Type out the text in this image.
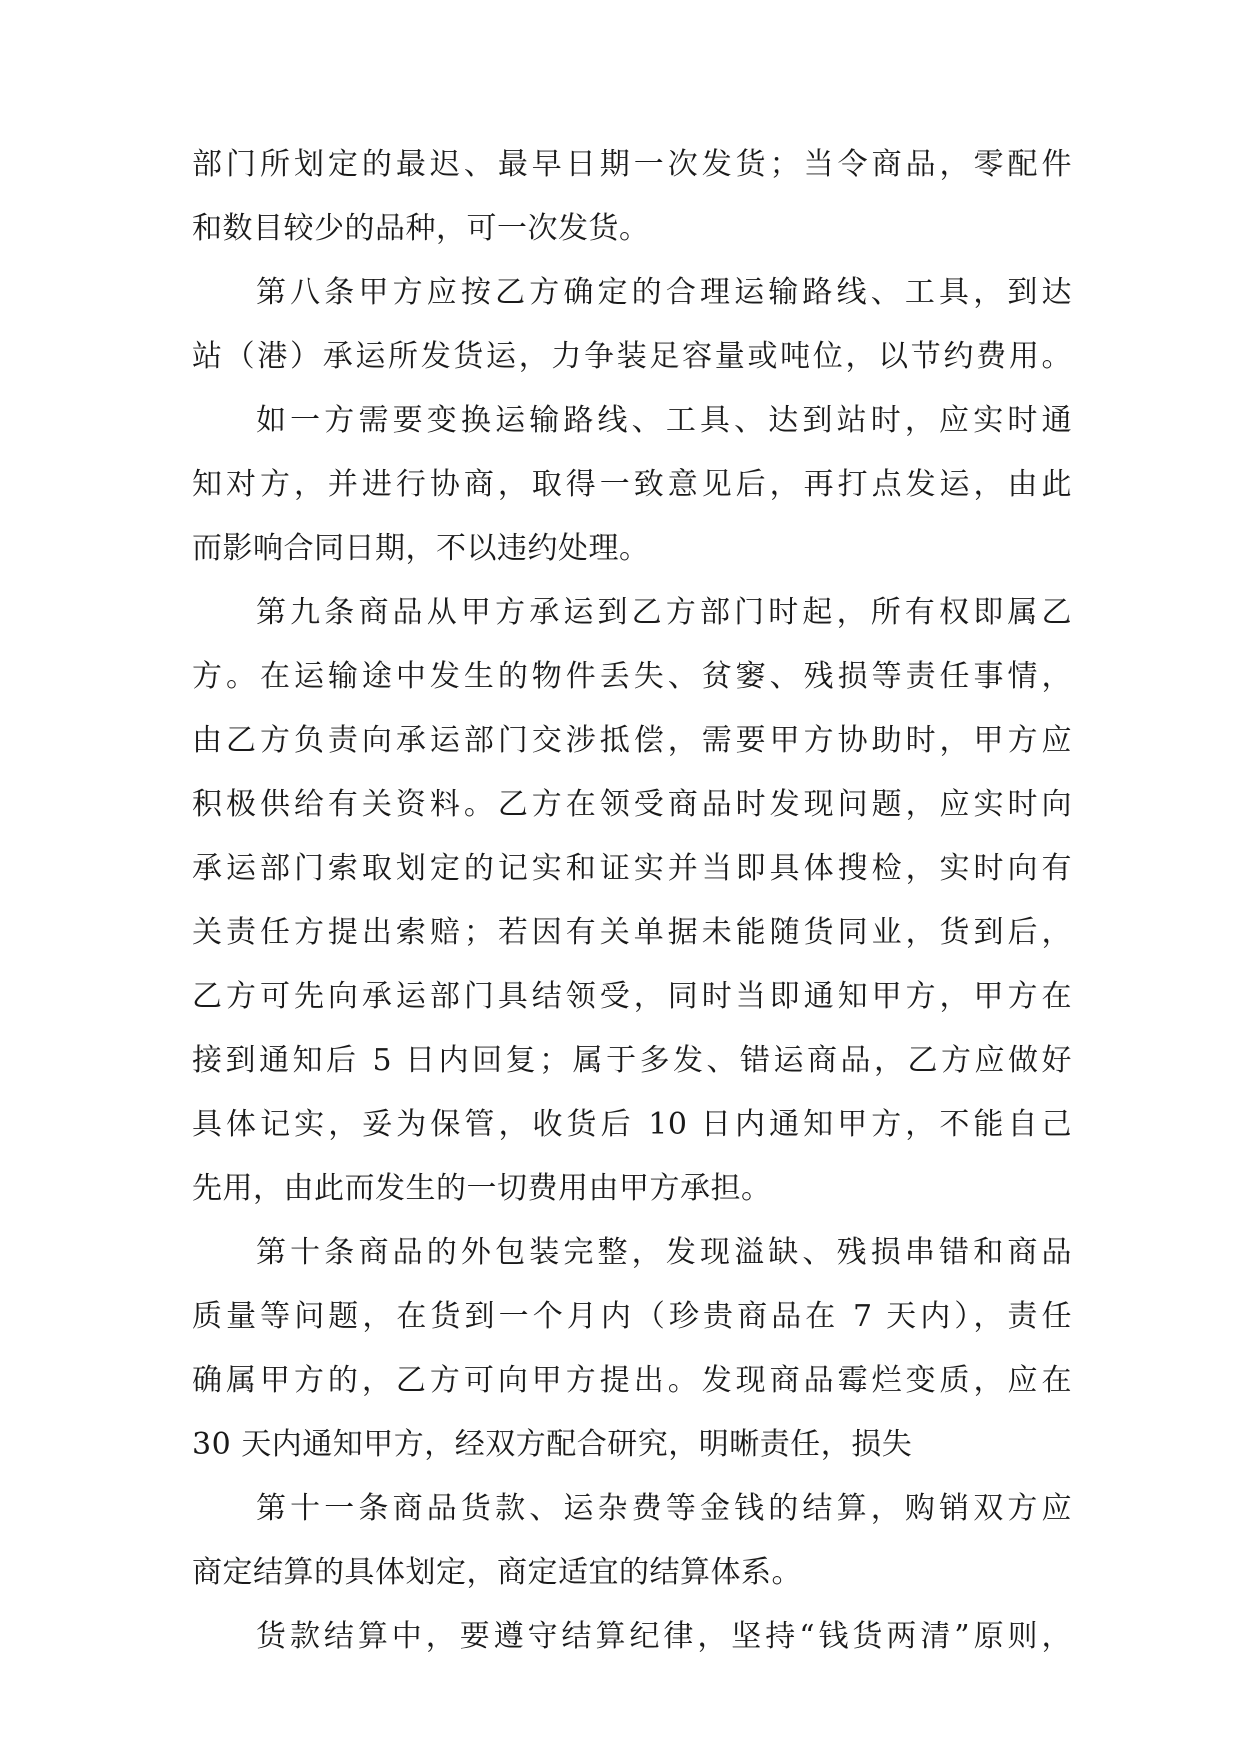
部门所划定的最迟、最早日期一次发货；当令商品，零配件
和数目较少的品种，可一次发货。
第八条甲方应按乙方确定的合理运输路线、工具，到达
站（港）承运所发货运，力争装足容量或吨位，以节约费用。
如一方需要变换运输路线、工具、达到站时，应实时通
知对方，并进行协商，取得一致意见后，再打点发运，由此
而影响合同日期，不以违约处理。
第九条商品从甲方承运到乙方部门时起，所有权即属乙
方。在运输途中发生的物件丢失、贫窭、残损等责任事情，
由乙方负责向承运部门交涉抵偿，需要甲方协助时，甲方应
积极供给有关资料。乙方在领受商品时发现问题，应实时向
承运部门索取划定的记实和证实并当即具体搜检，实时向有
关责任方提出索赔；若因有关单据未能随货同业，货到后，
乙方可先向承运部门具结领受，同时当即通知甲方，甲方在
接到通知后 5 日内回复；属于多发、错运商品，乙方应做好
具体记实，妥为保管，收货后 10 日内通知甲方，不能自己
先用，由此而发生的一切费用由甲方承担。
第十条商品的外包装完整，发现溢缺、残损串错和商品
质量等问题，在货到一个月内（珍贵商品在 7 天内），责任
确属甲方的，乙方可向甲方提出。发现商品霉烂变质，应在
30 天内通知甲方，经双方配合研究，明晰责任，损失
第十一条商品货款、运杂费等金钱的结算，购销双方应
商定结算的具体划定，商定适宜的结算体系。
货款结算中，要遵守结算纪律，坚持“钱货两清”原则，
